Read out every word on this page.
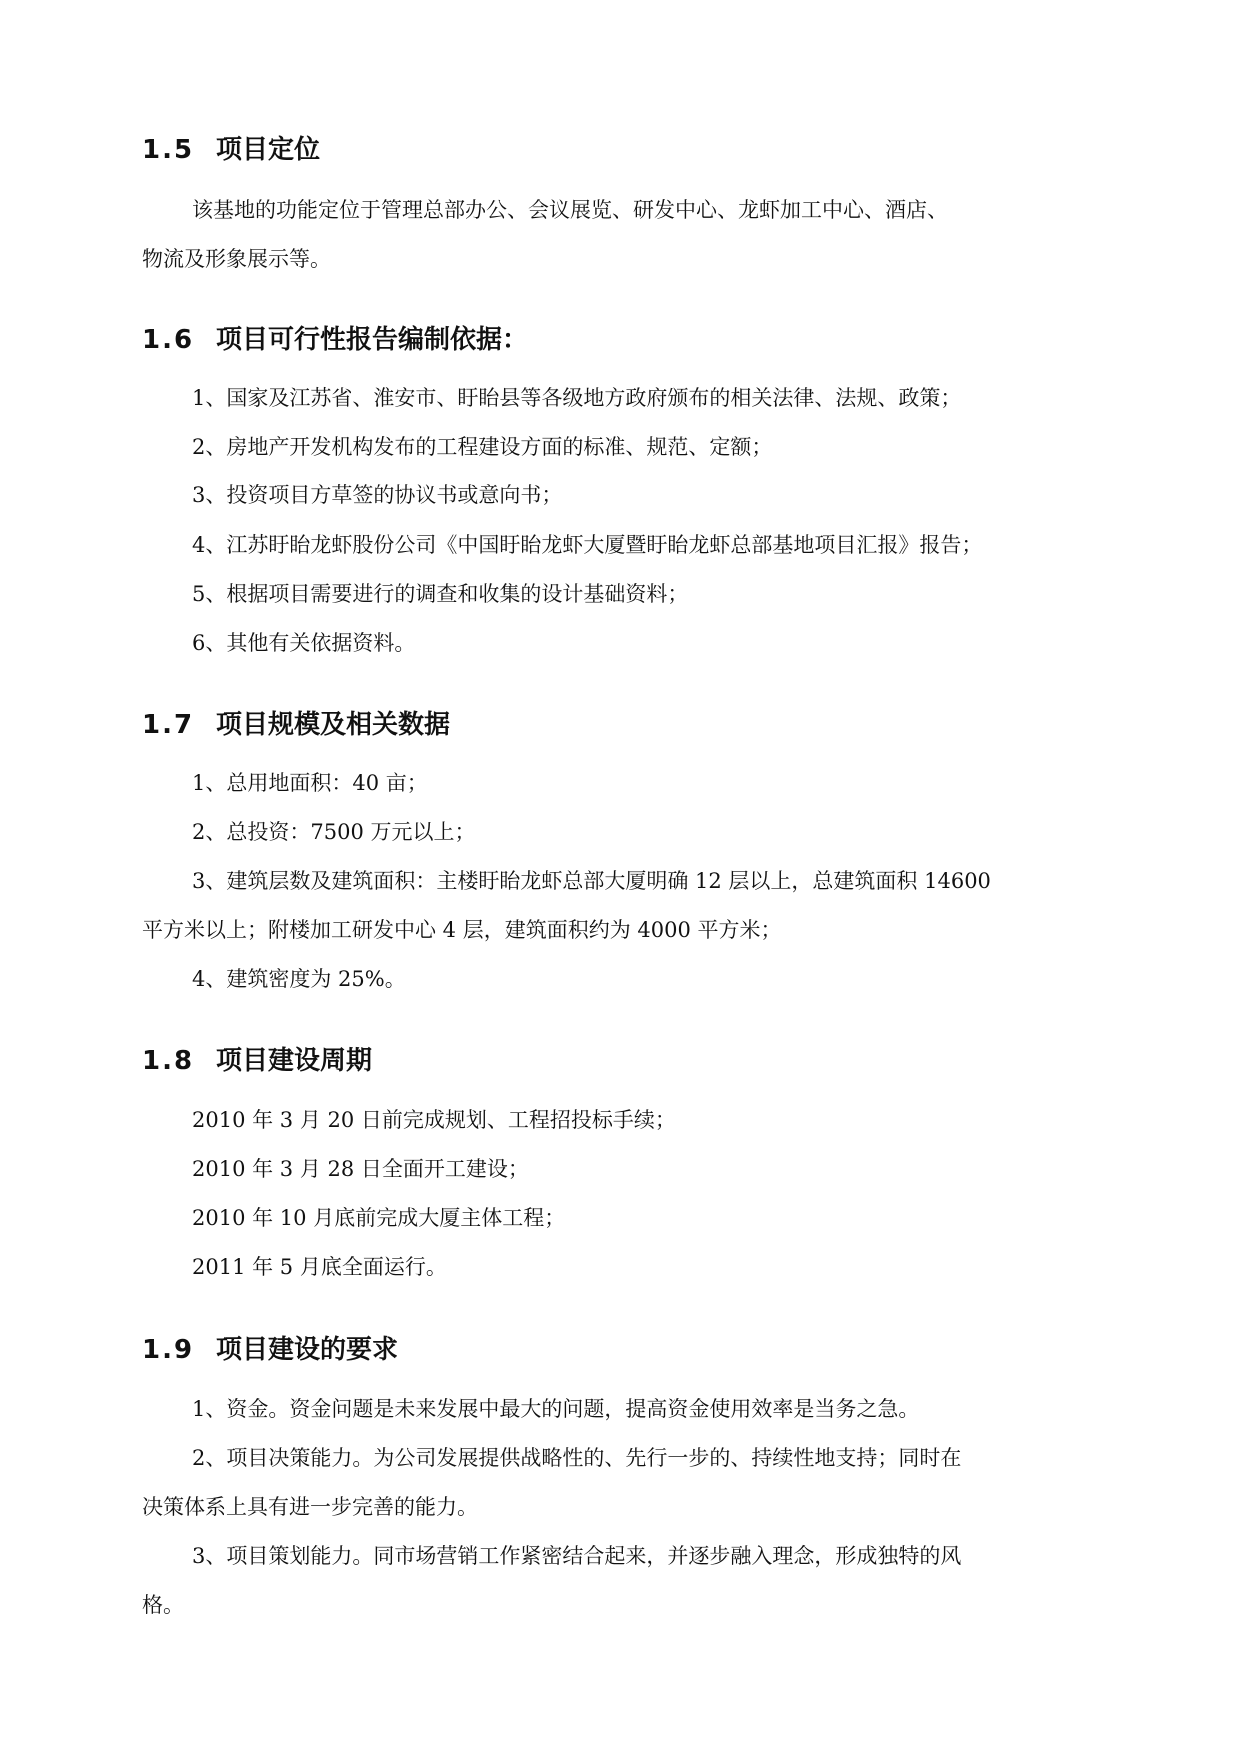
1.5 项目定位
该基地的功能定位于管理总部办公、会议展览、研发中心、龙虾加工中心、酒店、
物流及形象展示等。
1.6 项目可行性报告编制依据：
1、国家及江苏省、淮安市、盱眙县等各级地方政府颁布的相关法律、法规、政策；
2、房地产开发机构发布的工程建设方面的标准、规范、定额；
3、投资项目方草签的协议书或意向书；
4、江苏盱眙龙虾股份公司《中国盱眙龙虾大厦暨盱眙龙虾总部基地项目汇报》报告；
5、根据项目需要进行的调查和收集的设计基础资料；
6、其他有关依据资料。
1.7 项目规模及相关数据
1、总用地面积：40 亩；
2、总投资：7500 万元以上；
3、建筑层数及建筑面积：主楼盱眙龙虾总部大厦明确 12 层以上，总建筑面积 14600
平方米以上；附楼加工研发中心 4 层，建筑面积约为 4000 平方米；
4、建筑密度为 25%。
1.8 项目建设周期
2010 年 3 月 20 日前完成规划、工程招投标手续；
2010 年 3 月 28 日全面开工建设；
2010 年 10 月底前完成大厦主体工程；
2011 年 5 月底全面运行。
1.9 项目建设的要求
1、资金。资金问题是未来发展中最大的问题，提高资金使用效率是当务之急。
2、项目决策能力。为公司发展提供战略性的、先行一步的、持续性地支持；同时在
决策体系上具有进一步完善的能力。
3、项目策划能力。同市场营销工作紧密结合起来，并逐步融入理念，形成独特的风
格。
